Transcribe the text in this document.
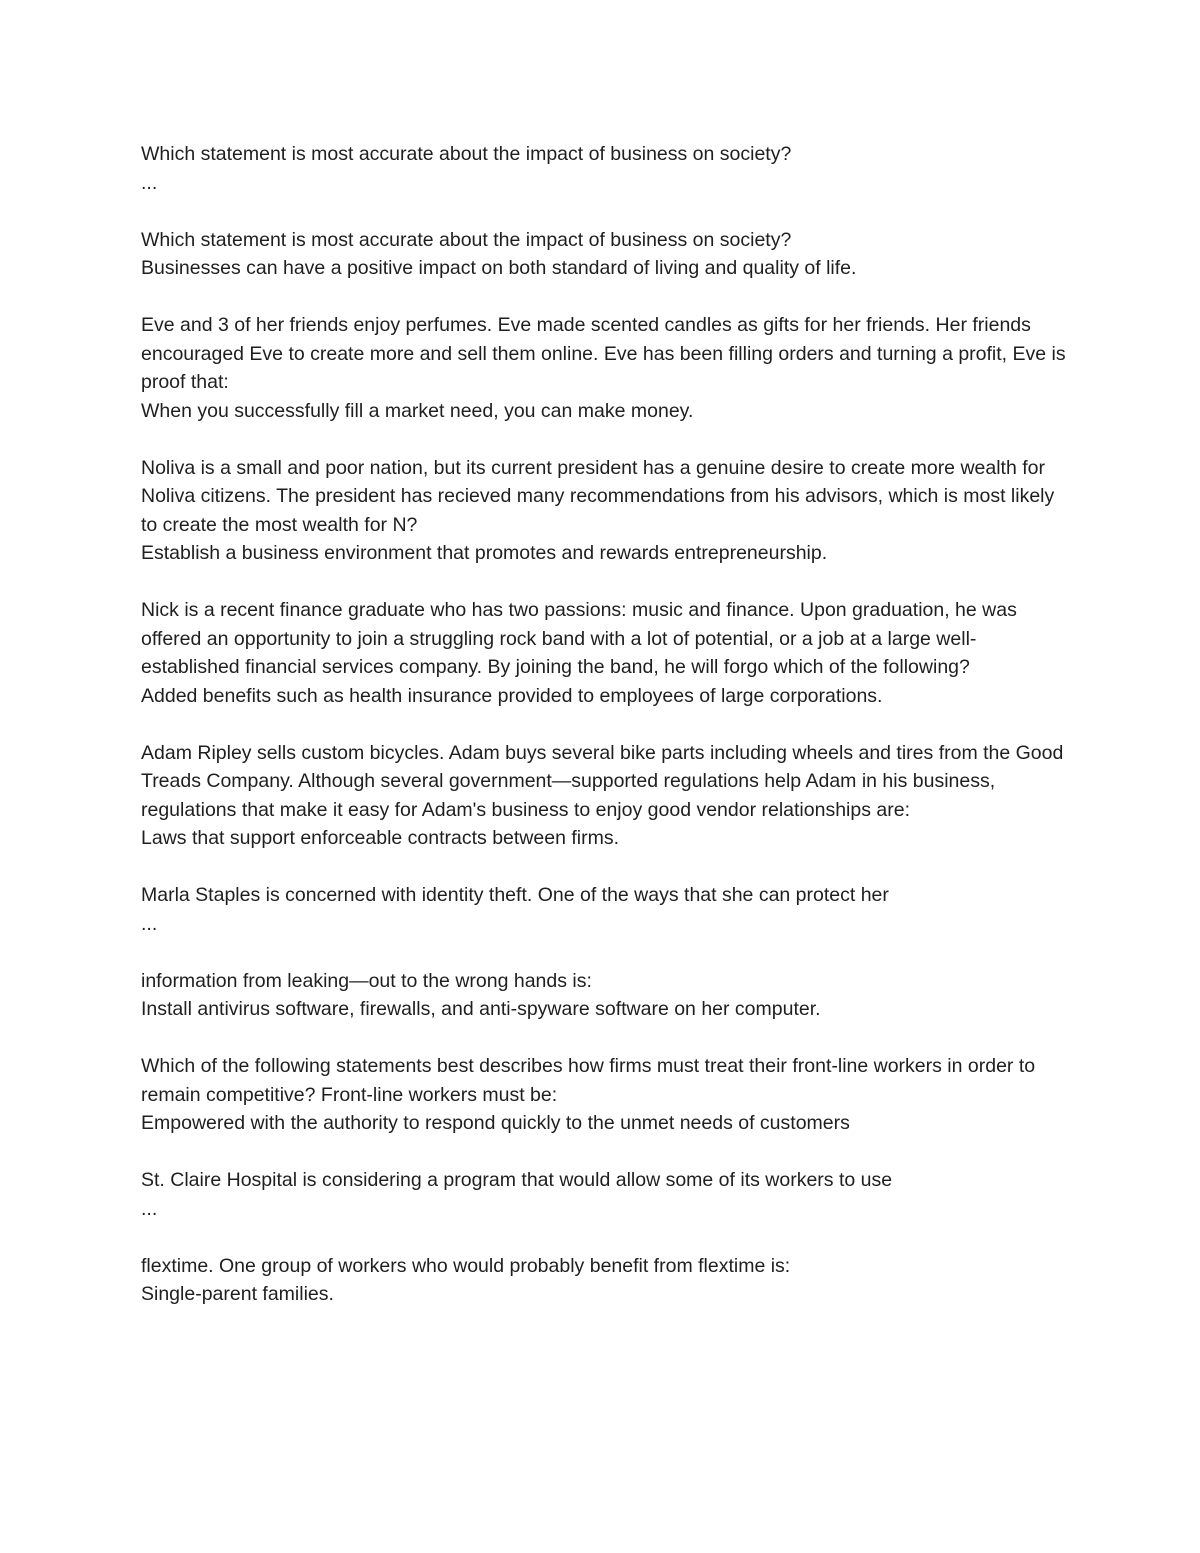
Which statement is most accurate about the impact of business on society?

...

Which statement is most accurate about the impact of business on society?

Businesses can have a positive impact on both standard of living and quality of life.

Eve and 3 of her friends enjoy perfumes. Eve made scented candles as gifts for her friends. Her friends encouraged Eve to create more and sell them online. Eve has been filling orders and turning a profit, Eve is proof that:

When you successfully fill a market need, you can make money.

Noliva is a small and poor nation, but its current president has a genuine desire to create more wealth for Noliva citizens. The president has recieved many recommendations from his advisors, which is most likely to create the most wealth for N?

Establish a business environment that promotes and rewards entrepreneurship.

Nick is a recent finance graduate who has two passions: music and finance. Upon graduation, he was offered an opportunity to join a struggling rock band with a lot of potential, or a job at a large well-established financial services company. By joining the band, he will forgo which of the following?

Added benefits such as health insurance provided to employees of large corporations.

Adam Ripley sells custom bicycles. Adam buys several bike parts including wheels and tires from the Good Treads Company. Although several government—supported regulations help Adam in his business, regulations that make it easy for Adam's business to enjoy good vendor relationships are:

Laws that support enforceable contracts between firms.

Marla Staples is concerned with identity theft. One of the ways that she can protect her

...

information from leaking—out to the wrong hands is:

Install antivirus software, firewalls, and anti-spyware software on her computer.

Which of the following statements best describes how firms must treat their front-line workers in order to remain competitive? Front-line workers must be:

Empowered with the authority to respond quickly to the unmet needs of customers

St. Claire Hospital is considering a program that would allow some of its workers to use

...

flextime. One group of workers who would probably benefit from flextime is:

Single-parent families.
